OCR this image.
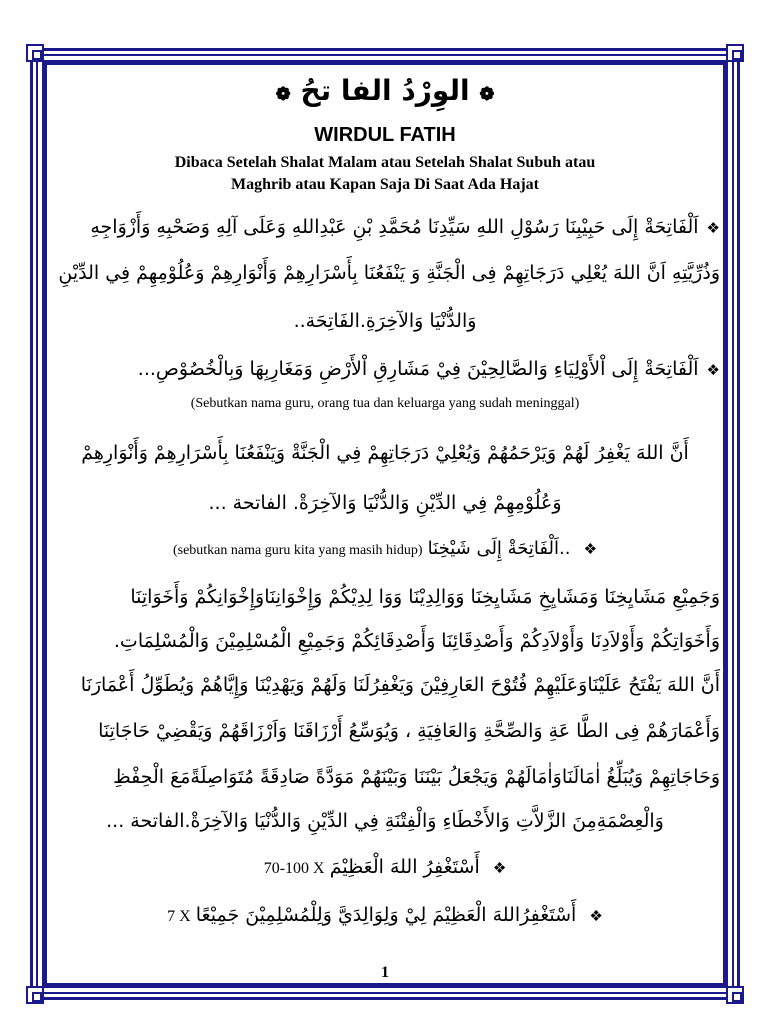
❁ الوِرْدُ الفا تحُ ❁
WIRDUL FATIH
Dibaca Setelah Shalat Malam atau Setelah Shalat Subuh atau
Maghrib atau Kapan Saja Di Saat Ada Hajat
❖اَلْفَاتِحَةْ إِلَى حَبِيْبِنَا رَسُوْلِ اللهِ سَيِّدِنَا مُحَمَّدِ بْنِ عَبْدِاللهِ وَعَلَى آلِهِ وَصَحْبِهِ وَأَزْوَاجِهِ
وَذُرِّيَّتِهِ اَنَّ اللهَ يُعْلِي دَرَجَاتِهِمْ فِى الْجَنَّةِ وَ يَنْفَعُنَا بِأَسْرَارِهِمْ وَأَنْوَارِهِمْ وَعُلُوْمِهِمْ فِي الدِّيْنِ
وَالدُّنْيَا وَالآخِرَةِ.الفَاتِحَة..
❖اَلْفَاتِحَةْ إِلَى اْلأَوْلِيَاءِ وَالصَّالِحِيْنَ فِيْ مَشَارِقِ اْلأَرْضِ وَمَغَارِبِهَا وَبِالْخُصُوْصِ...
(Sebutkan nama guru, orang tua dan keluarga yang sudah meninggal)
أَنَّ اللهَ يَغْفِرُ لَهُمْ وَيَرْحَمُهُمْ وَيُعْلِيْ دَرَجَاتِهِمْ فِي الْجَنَّةْ وَيَنْفَعُنَا بِأَسْرَارِهِمْ وَأَنْوَارِهِمْ
وَعُلُوْمِهِمْ فِي الدِّيْنِ وَالدُّنْيَا وَالآخِرَةْ. الفاتحة ...
(sebutkan nama guru kita yang masih hidup) اَلْفَاتِحَةْ إِلَى شَيْخِنَا.. ❖
وَجَمِيْعِ مَشَايِخِنَا وَمَشَايِخِ مَشَايِخِنَا وَوَالِدِيْنَا وَوَا لِدِيْكُمْ وَإِخْوَانِنَاوَإِخْوَانِكُمْ وَأَخَوَاتِنَا
وَأَخَوَاتِكُمْ وَأَوْلاَدِنَا وَأَوْلاَدِكُمْ وَأَصْدِقَائِنَا وَأَصْدِقَائِكُمْ وَجَمِيْعِ الْمُسْلِمِيْنَ وَالْمُسْلِمَاتِ.
أَنَّ اللهَ يَفْتَحُ عَلَيْنَاوَعَلَيْهِمْ فُتُوْحَ العَارِفِيْنَ وَيَغْفِرُلَنَا وَلَهُمْ وَيَهْدِيْنَا وَإِيَّاهُمْ وَيُطَوِّلُ أَعْمَارَنَا
وَأَعْمَارَهُمْ فِى الطَّا عَةِ وَالصِّحَّةِ وَالعَافِيَةِ ، وَيُوَسِّعُ أَرْزَاقَنَا وَاَرْزَاقَهُمْ وَيَقْضِيْ حَاجَاتِنَا
وَحَاجَاتِهِمْ وَيُبَلِّغُ اٰمَالَنَاوَاٰمَالَهُمْ وَيَجْعَلُ بَيْنَنَا وَبَيْنَهُمْ مَوَدَّةً صَادِقَةً مُتَوَاصِلَةًمَعَ الْحِفْظِ
وَالْعِصْمَةِمِنَ الزَّلاَّتِ وَالأَخْطَاءِ وَالْفِتْنَةِ فِي الدِّيْنِ وَالدُّنْيَا وَالآخِرَةْ.الفاتحة ...
70-100 X أَسْتَغْفِرُ اللهَ الْعَظِيْمَ ❖
7 X أَسْتَغْفِرُاللهَ الْعَظِيْمَ لِيْ وَلِوَالِدَيَّ وَلِلْمُسْلِمِيْنَ جَمِيْعًا ❖
1
